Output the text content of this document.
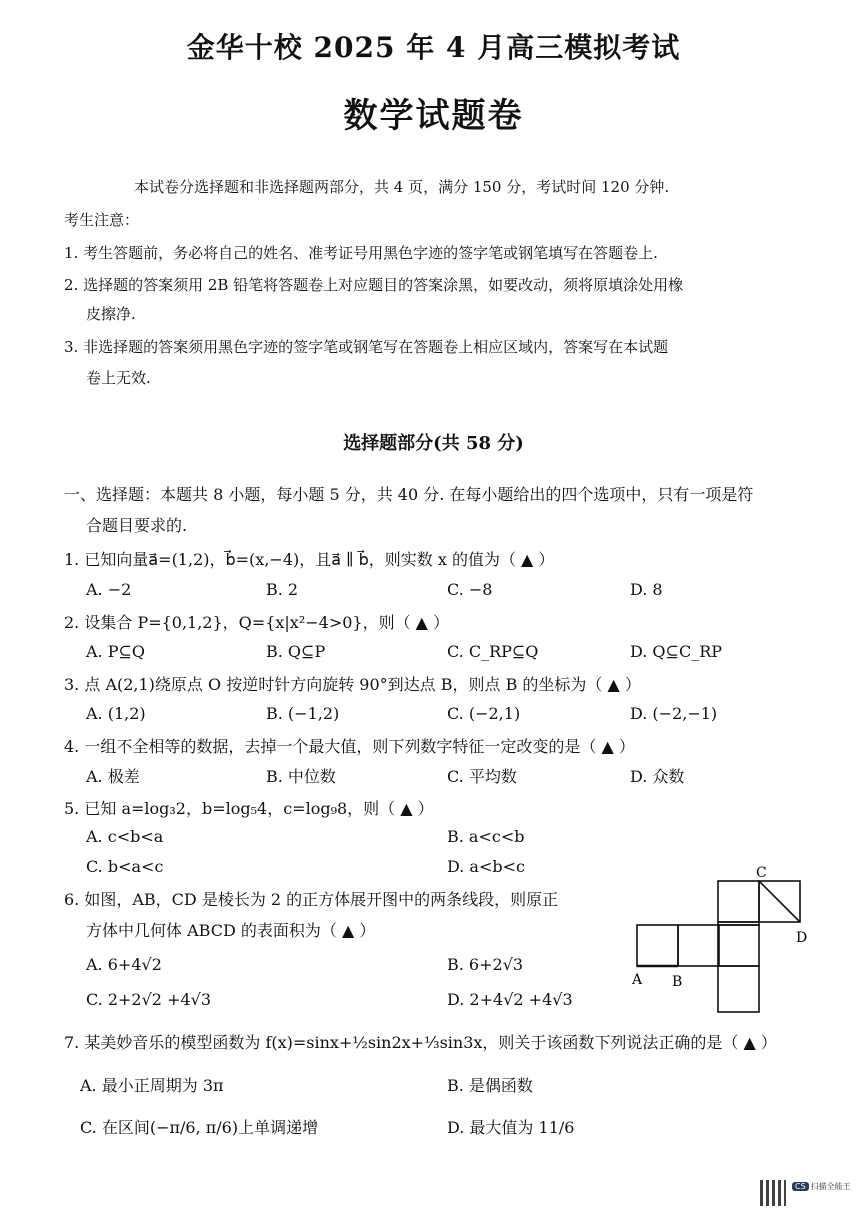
金华十校 2025 年 4 月高三模拟考试
数学试题卷
本试卷分选择题和非选择题两部分，共 4 页，满分 150 分，考试时间 120 分钟.
考生注意：
1. 考生答题前，务必将自己的姓名、准考证号用黑色字迹的签字笔或钢笔填写在答题卷上.
2. 选择题的答案须用 2B 铅笔将答题卷上对应题目的答案涂黑，如要改动，须将原填涂处用橡
皮擦净.
3. 非选择题的答案须用黑色字迹的签字笔或钢笔写在答题卷上相应区域内，答案写在本试题
卷上无效.
选择题部分(共 58 分)
一、选择题：本题共 8 小题，每小题 5 分，共 40 分. 在每小题给出的四个选项中，只有一项是符
合题目要求的.
1. 已知向量a⃗=(1,2)，b⃗=(x,−4)，且a⃗ ∥ b⃗，则实数 x 的值为（ ▲ ）
A. −2	B. 2	C. −8	D. 8
2. 设集合 P={0,1,2}，Q={x|x²−4>0}，则（ ▲ ）
A. P⊆Q	B. Q⊆P	C. C_RP⊆Q	D. Q⊆C_RP
3. 点 A(2,1)绕原点 O 按逆时针方向旋转 90°到达点 B，则点 B 的坐标为（ ▲ ）
A. (1,2)	B. (−1,2)	C. (−2,1)	D. (−2,−1)
4. 一组不全相等的数据，去掉一个最大值，则下列数字特征一定改变的是（ ▲ ）
A. 极差	B. 中位数	C. 平均数	D. 众数
5. 已知 a=log₃2，b=log₅4，c=log₉8，则（ ▲ ）
A. c<b<a	B. a<c<b
C. b<a<c	D. a<b<c
6. 如图，AB，CD 是棱长为 2 的正方体展开图中的两条线段，则原正
方体中几何体 ABCD 的表面积为（ ▲ ）
A. 6+4√2	B. 6+2√3
C. 2+2√2 +4√3	D. 2+4√2 +4√3
C
D
A B
7. 某美妙音乐的模型函数为 f(x)=sinx+½sin2x+⅓sin3x，则关于该函数下列说法正确的是（ ▲ ）
A. 最小正周期为 3π	B. 是偶函数
C. 在区间(−π/6, π/6)上单调递增	D. 最大值为 11/6
CS 扫描全能王
